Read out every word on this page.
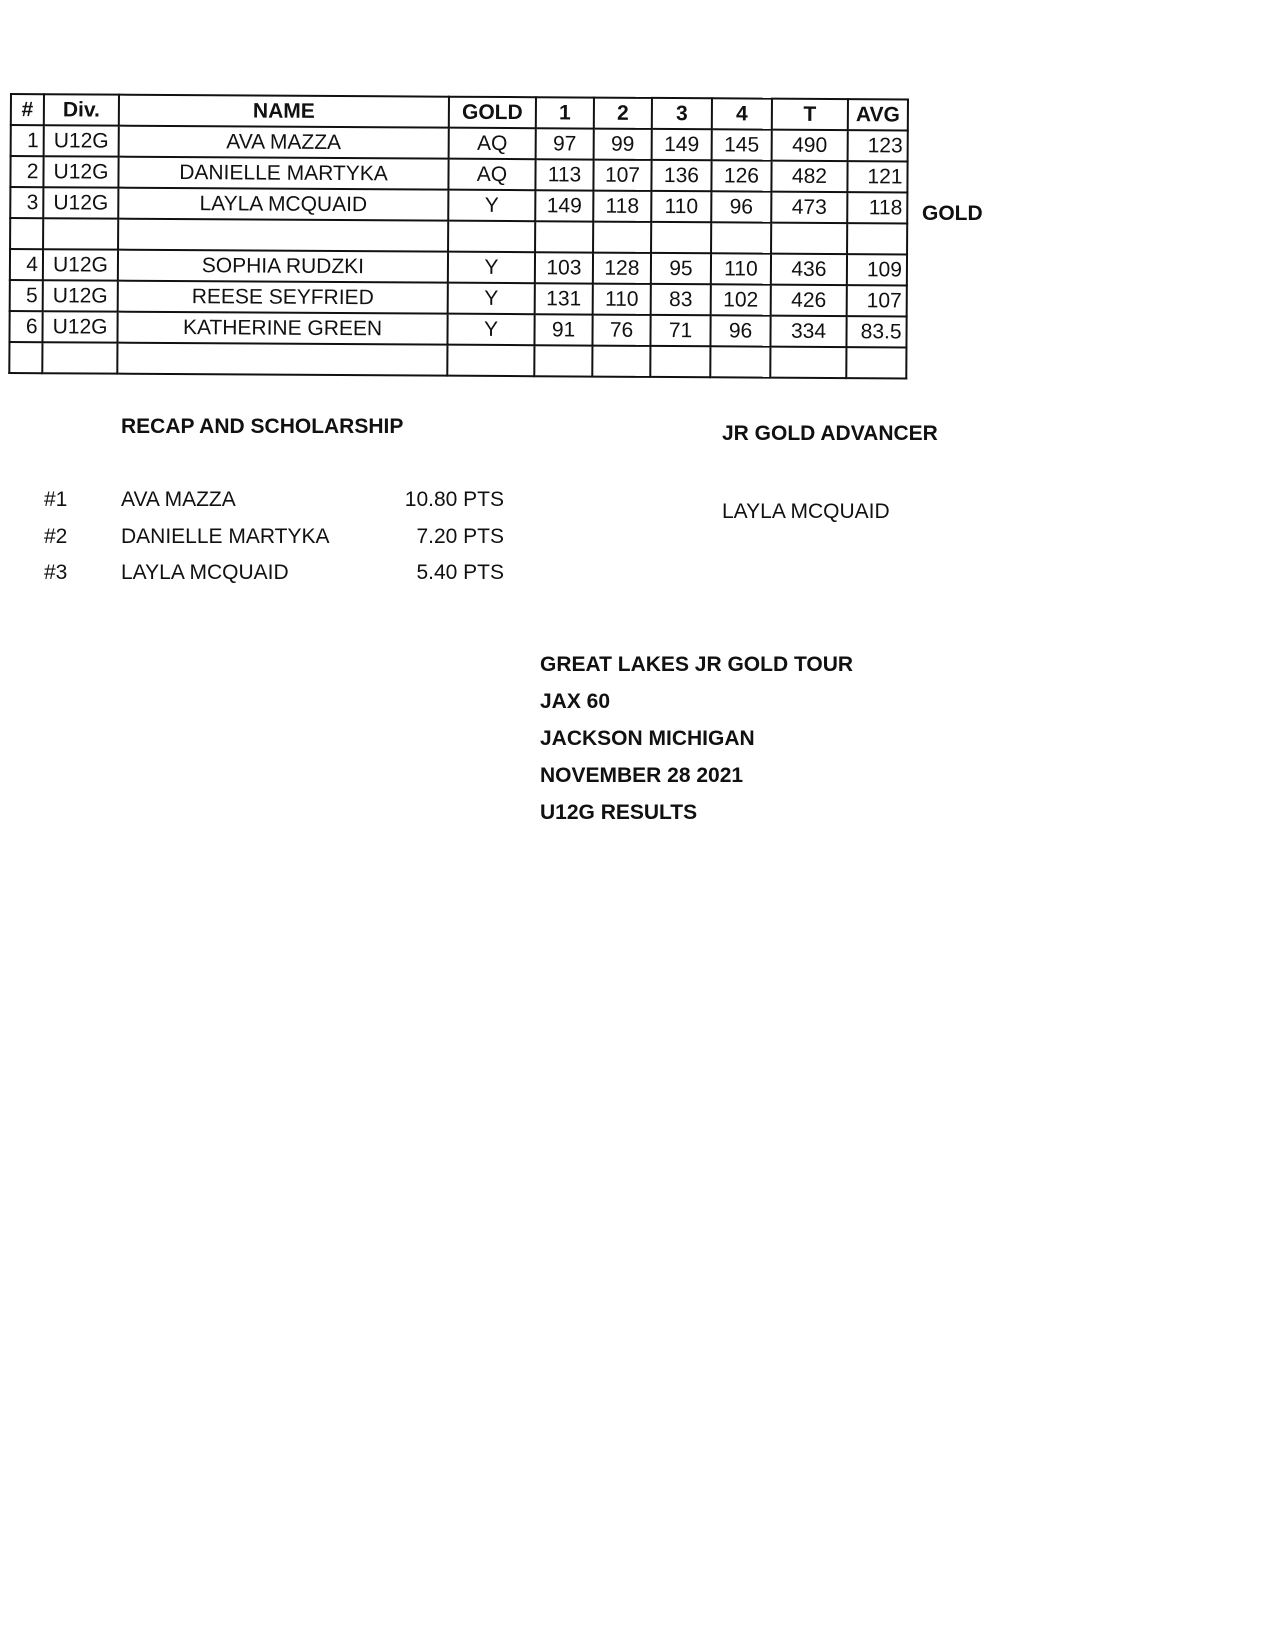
#	Div.	NAME	GOLD	1	2	3	4	T	AVG
1	U12G	AVA MAZZA	AQ	97	99	149	145	490	123
2	U12G	DANIELLE MARTYKA	AQ	113	107	136	126	482	121
3	U12G	LAYLA MCQUAID	Y	149	118	110	96	473	118

4	U12G	SOPHIA RUDZKI	Y	103	128	95	110	436	109
5	U12G	REESE SEYFRIED	Y	131	110	83	102	426	107
6	U12G	KATHERINE GREEN	Y	91	76	71	96	334	83.5

GOLD
RECAP AND SCHOLARSHIP
#1	AVA MAZZA	10.80 PTS
#2	DANIELLE MARTYKA	7.20 PTS
#3	LAYLA MCQUAID	5.40 PTS
JR GOLD ADVANCER
LAYLA MCQUAID
GREAT LAKES JR GOLD TOUR
JAX 60
JACKSON MICHIGAN
NOVEMBER 28 2021
U12G RESULTS
